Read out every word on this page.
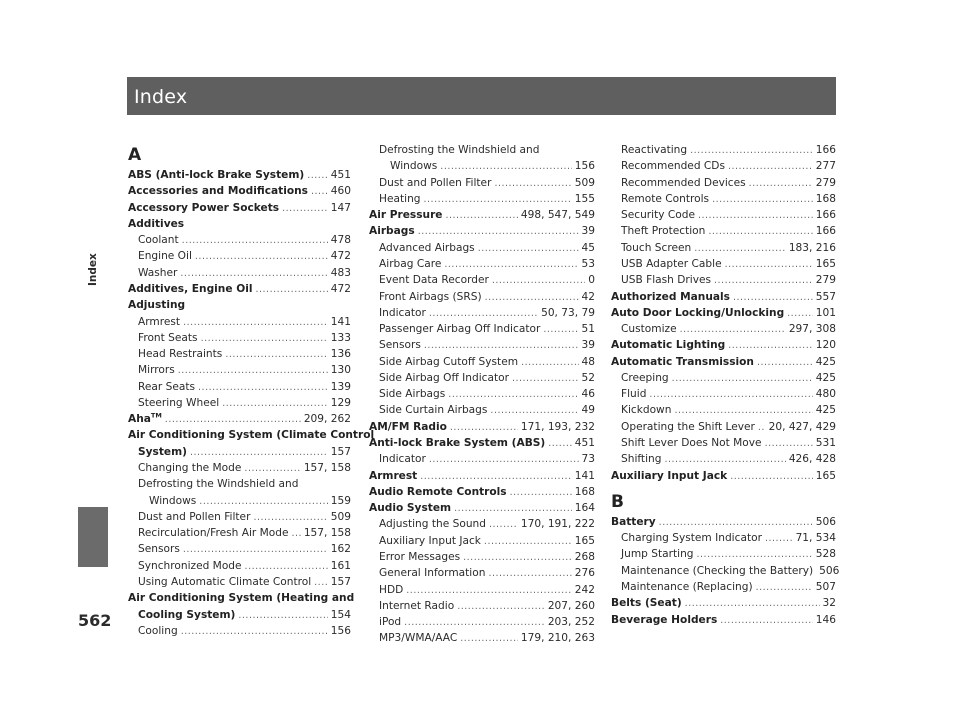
Index
Index
562
A
ABS (Anti-lock Brake System) .....	451
Accessories and Modifications ..... 460
Accessory Power Sockets .....	147
Additives
Coolant .....	478
Engine Oil .....	472
Washer .....	483
Additives, Engine Oil .....	472
Adjusting
Armrest .....	141
Front Seats .....	133
Head Restraints .....	136
Mirrors .....	130
Rear Seats .....	139
Steering Wheel .....	129
Aha™ .....	209, 262
Air Conditioning System (Climate Control
System) .....	157
Changing the Mode .....	157, 158
Defrosting the Windshield and
Windows .....	159
Dust and Pollen Filter .....	509
Recirculation/Fresh Air Mode ..... 157, 158
Sensors .....	162
Synchronized Mode .....	161
Using Automatic Climate Control ..... 157
Air Conditioning System (Heating and
Cooling System) .....	154
Cooling .....	156
Defrosting the Windshield and
Windows .....	156
Dust and Pollen Filter .....	509
Heating .....	155
Air Pressure .....	498, 547, 549
Airbags .....	39
Advanced Airbags .....	45
Airbag Care .....	53
Event Data Recorder .....	0
Front Airbags (SRS) .....	42
Indicator .....	50, 73, 79
Passenger Airbag Off Indicator .....	51
Sensors .....	39
Side Airbag Cutoff System .....	48
Side Airbag Off Indicator .....	52
Side Airbags .....	46
Side Curtain Airbags .....	49
AM/FM Radio .....	171, 193, 232
Anti-lock Brake System (ABS) .....	451
Indicator .....	73
Armrest .....	141
Audio Remote Controls .....	168
Audio System .....	164
Adjusting the Sound .....	170, 191, 222
Auxiliary Input Jack .....	165
Error Messages .....	268
General Information .....	276
HDD .....	242
Internet Radio .....	207, 260
iPod .....	203, 252
MP3/WMA/AAC .....	179, 210, 263
Reactivating .....	166
Recommended CDs .....	277
Recommended Devices .....	279
Remote Controls .....	168
Security Code .....	166
Theft Protection .....	166
Touch Screen .....	183, 216
USB Adapter Cable .....	165
USB Flash Drives .....	279
Authorized Manuals .....	557
Auto Door Locking/Unlocking .....	101
Customize .....	297, 308
Automatic Lighting .....	120
Automatic Transmission .....	425
Creeping .....	425
Fluid .....	480
Kickdown .....	425
Operating the Shift Lever ..... 20, 427, 429
Shift Lever Does Not Move .....	531
Shifting .....	426, 428
Auxiliary Input Jack .....	165
B
Battery .....	506
Charging System Indicator .....	71, 534
Jump Starting .....	528
Maintenance (Checking the Battery) 506
Maintenance (Replacing) .....	507
Belts (Seat) .....	32
Beverage Holders .....	146
